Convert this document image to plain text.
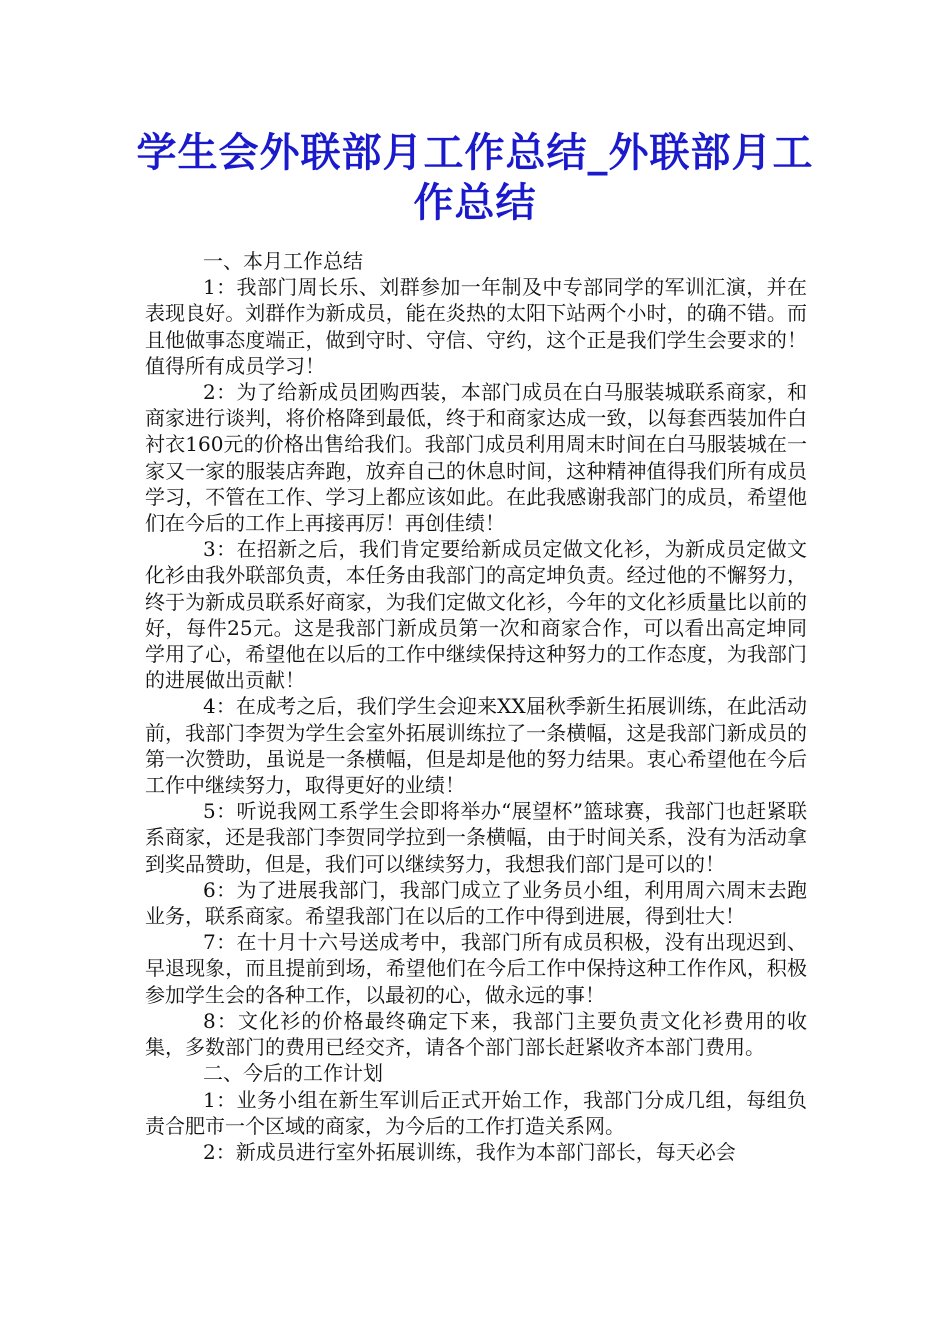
学生会外联部月工作总结_外联部月工作总结

一、本月工作总结

1：我部门周长乐、刘群参加一年制及中专部同学的军训汇演，并在表现良好。刘群作为新成员，能在炎热的太阳下站两个小时，的确不错。而且他做事态度端正，做到守时、守信、守约，这个正是我们学生会要求的！值得所有成员学习！

2：为了给新成员团购西装，本部门成员在白马服装城联系商家，和商家进行谈判，将价格降到最低，终于和商家达成一致，以每套西装加件白衬衣160元的价格出售给我们。我部门成员利用周末时间在白马服装城在一家又一家的服装店奔跑，放弃自己的休息时间，这种精神值得我们所有成员学习，不管在工作、学习上都应该如此。在此我感谢我部门的成员，希望他们在今后的工作上再接再厉！再创佳绩！

3：在招新之后，我们肯定要给新成员定做文化衫，为新成员定做文化衫由我外联部负责，本任务由我部门的高定坤负责。经过他的不懈努力，终于为新成员联系好商家，为我们定做文化衫，今年的文化衫质量比以前的好，每件25元。这是我部门新成员第一次和商家合作，可以看出高定坤同学用了心，希望他在以后的工作中继续保持这种努力的工作态度，为我部门的进展做出贡献！

4：在成考之后，我们学生会迎来XX届秋季新生拓展训练，在此活动前，我部门李贺为学生会室外拓展训练拉了一条横幅，这是我部门新成员的第一次赞助，虽说是一条横幅，但是却是他的努力结果。衷心希望他在今后工作中继续努力，取得更好的业绩！

5：听说我网工系学生会即将举办“展望杯”篮球赛，我部门也赶紧联系商家，还是我部门李贺同学拉到一条横幅，由于时间关系，没有为活动拿到奖品赞助，但是，我们可以继续努力，我想我们部门是可以的！

6：为了进展我部门，我部门成立了业务员小组，利用周六周末去跑业务，联系商家。希望我部门在以后的工作中得到进展，得到壮大！

7：在十月十六号送成考中，我部门所有成员积极，没有出现迟到、早退现象，而且提前到场，希望他们在今后工作中保持这种工作作风，积极参加学生会的各种工作，以最初的心，做永远的事！

8：文化衫的价格最终确定下来，我部门主要负责文化衫费用的收集，多数部门的费用已经交齐，请各个部门部长赶紧收齐本部门费用。

二、今后的工作计划

1：业务小组在新生军训后正式开始工作，我部门分成几组，每组负责合肥市一个区域的商家，为今后的工作打造关系网。

2：新成员进行室外拓展训练，我作为本部门部长，每天必会
